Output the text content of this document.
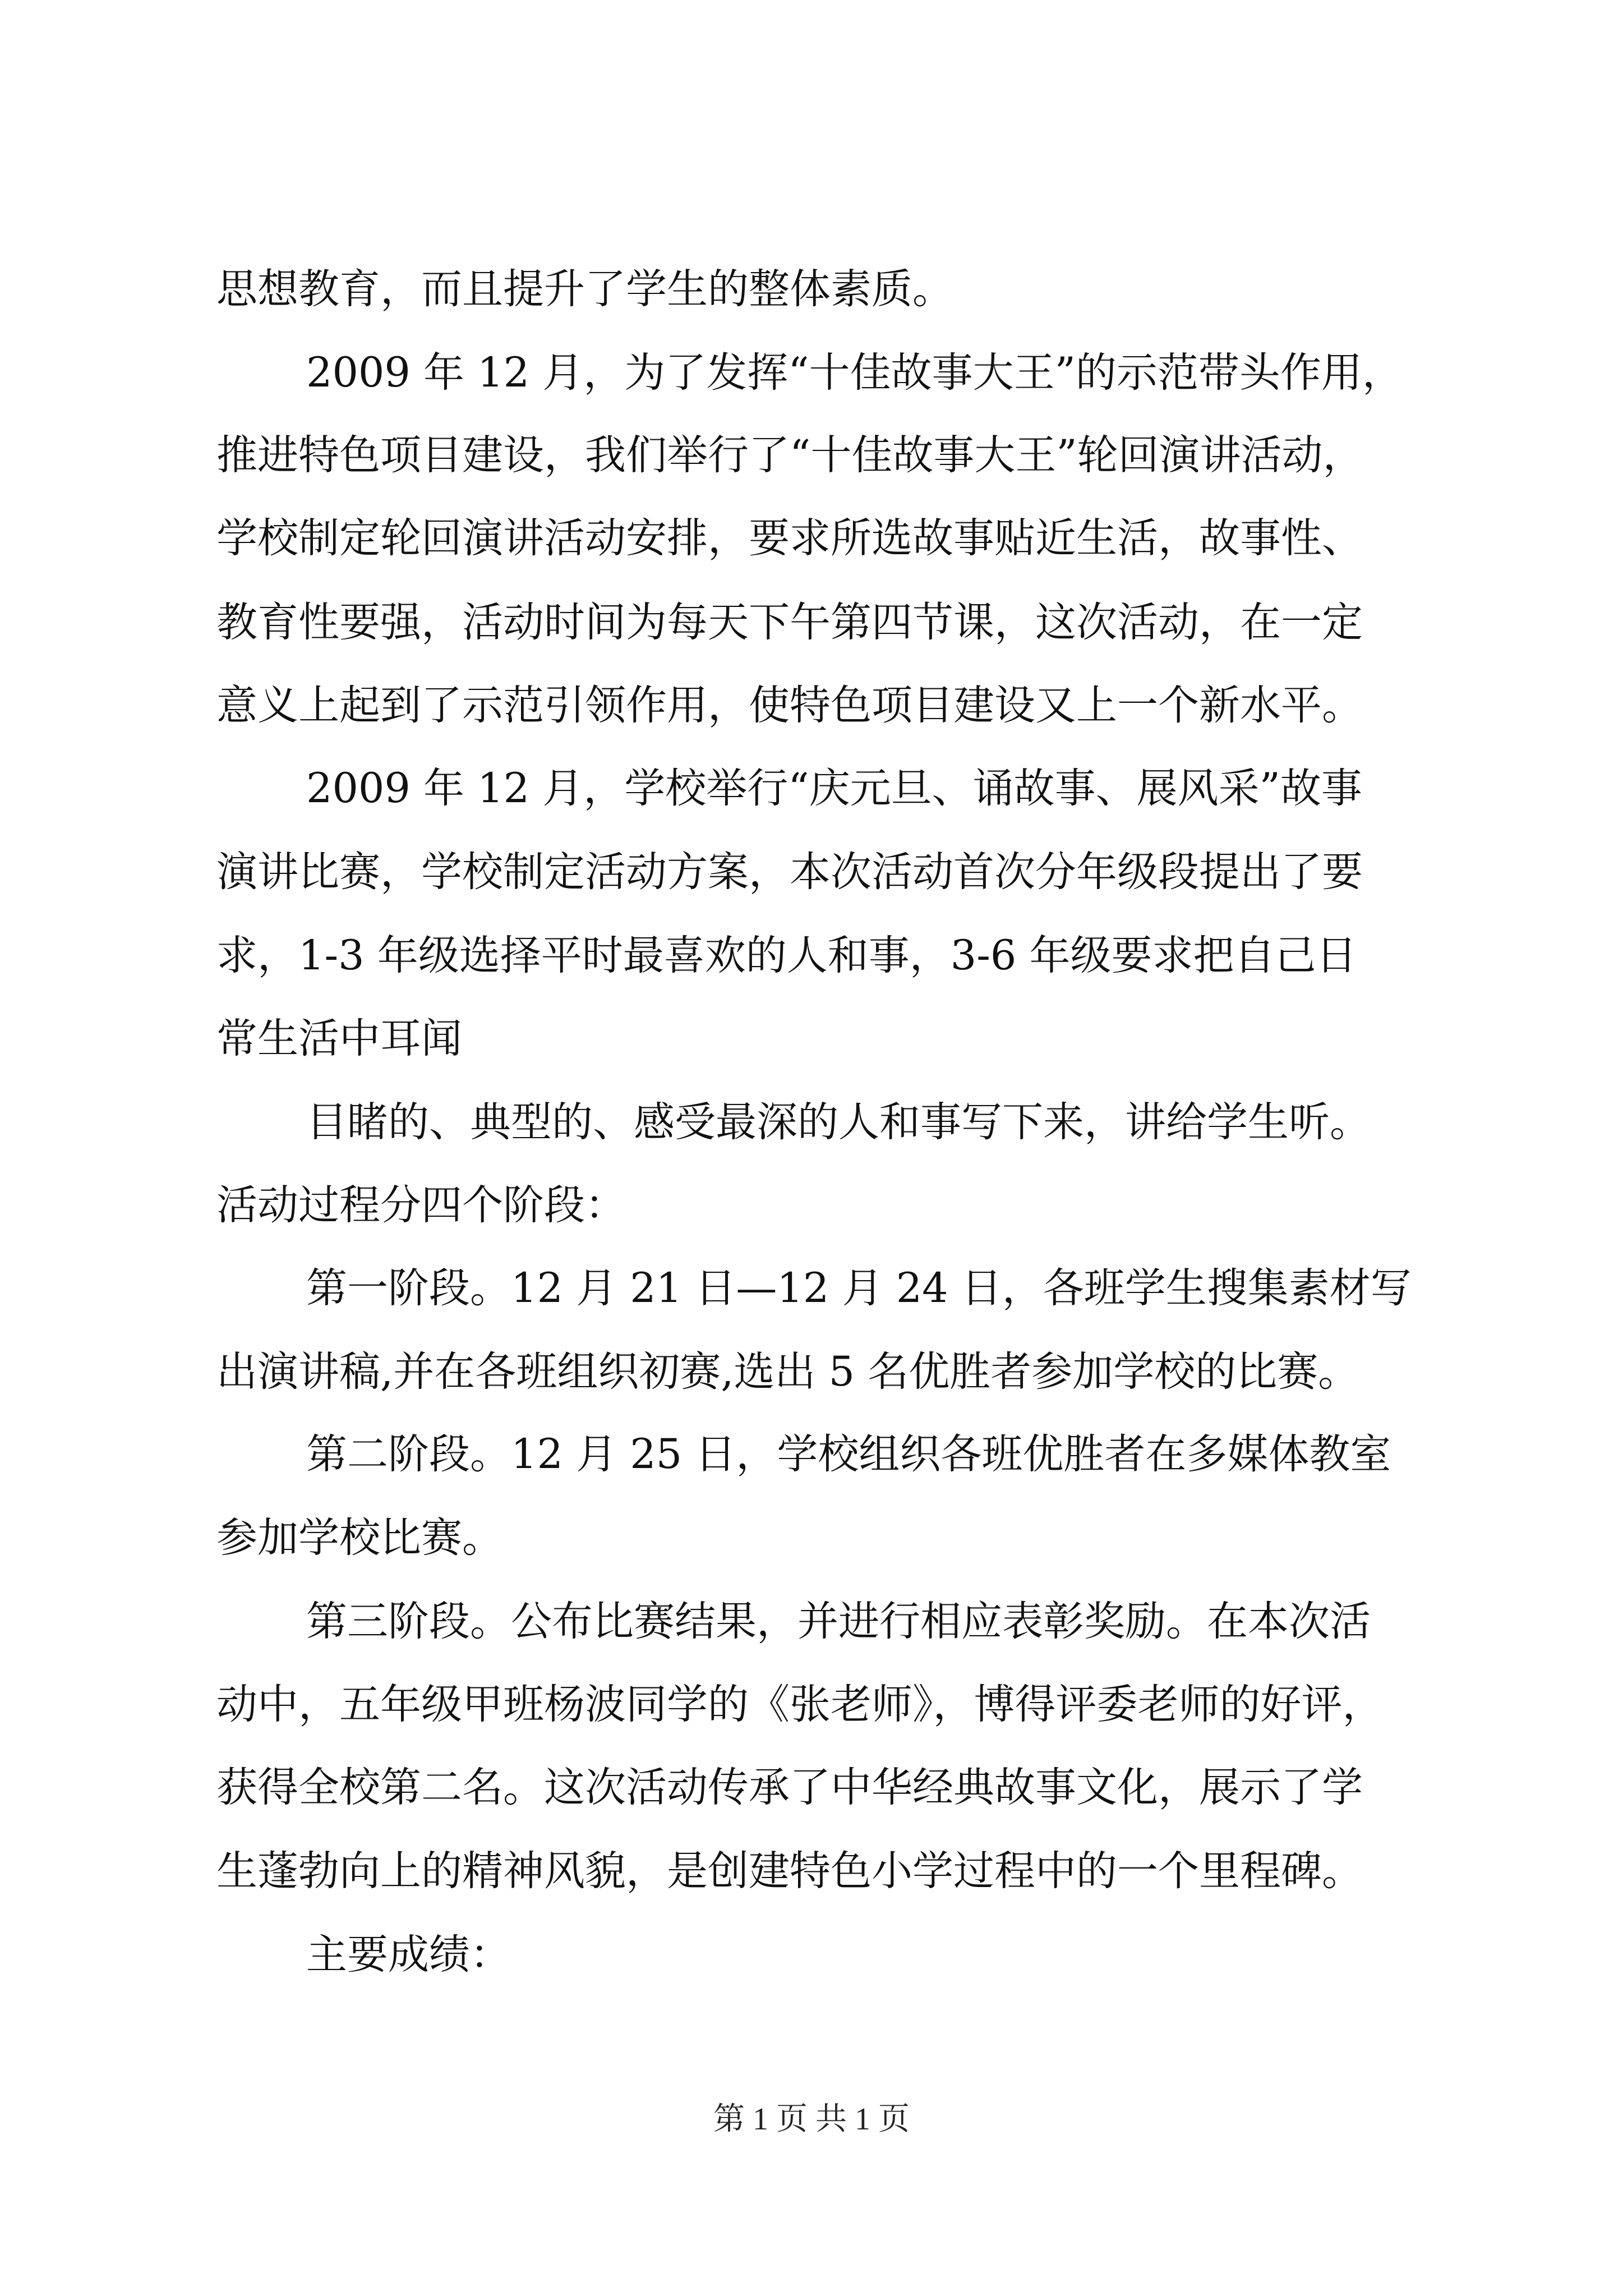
思想教育，而且提升了学生的整体素质。
2009 年 12 月，为了发挥“十佳故事大王”的示范带头作用，
推进特色项目建设，我们举行了“十佳故事大王”轮回演讲活动，
学校制定轮回演讲活动安排，要求所选故事贴近生活，故事性、
教育性要强，活动时间为每天下午第四节课，这次活动，在一定
意义上起到了示范引领作用，使特色项目建设又上一个新水平。
2009 年 12 月，学校举行“庆元旦、诵故事、展风采”故事
演讲比赛，学校制定活动方案，本次活动首次分年级段提出了要
求，1-3 年级选择平时最喜欢的人和事，3-6 年级要求把自己日
常生活中耳闻
目睹的、典型的、感受最深的人和事写下来，讲给学生听。
活动过程分四个阶段：
第一阶段。12 月 21 日—12 月 24 日，各班学生搜集素材写
出演讲稿,并在各班组织初赛,选出 5 名优胜者参加学校的比赛。
第二阶段。12 月 25 日，学校组织各班优胜者在多媒体教室
参加学校比赛。
第三阶段。公布比赛结果，并进行相应表彰奖励。在本次活
动中，五年级甲班杨波同学的《张老师》，博得评委老师的好评，
获得全校第二名。这次活动传承了中华经典故事文化，展示了学
生蓬勃向上的精神风貌，是创建特色小学过程中的一个里程碑。
主要成绩：
第 1 页 共 1 页
